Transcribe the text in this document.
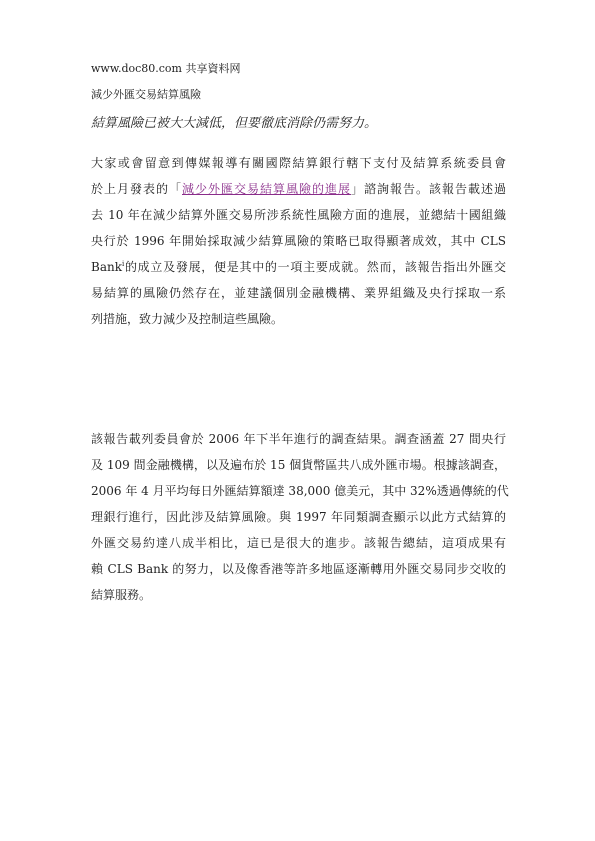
www.doc80.com 共享資料网
減少外匯交易結算風險
結算風險已被大大減低，但要徹底消除仍需努力。
大家或會留意到傳媒報導有關國際結算銀行轄下支付及結算系統委員會
於上月發表的「減少外匯交易結算風險的進展」諮詢報告。該報告載述過
去 10 年在減少結算外匯交易所涉系統性風險方面的進展，並總結十國組織
央行於 1996 年開始採取減少結算風險的策略已取得顯著成效，其中 CLS
Bank$^i$的成立及發展，便是其中的一項主要成就。然而，該報告指出外匯交
易結算的風險仍然存在，並建議個別金融機構、業界組織及央行採取一系
列措施，致力減少及控制這些風險。
該報告載列委員會於 2006 年下半年進行的調查結果。調查涵蓋 27 間央行
及 109 間金融機構，以及遍布於 15 個貨幣區共八成外匯市場。根據該調查，
2006 年 4 月平均每日外匯結算額達 38,000 億美元，其中 32%透過傳統的代
理銀行進行，因此涉及結算風險。與 1997 年同類調查顯示以此方式結算的
外匯交易約達八成半相比，這已是很大的進步。該報告總結，這項成果有
賴 CLS Bank 的努力，以及像香港等許多地區逐漸轉用外匯交易同步交收的
結算服務。
